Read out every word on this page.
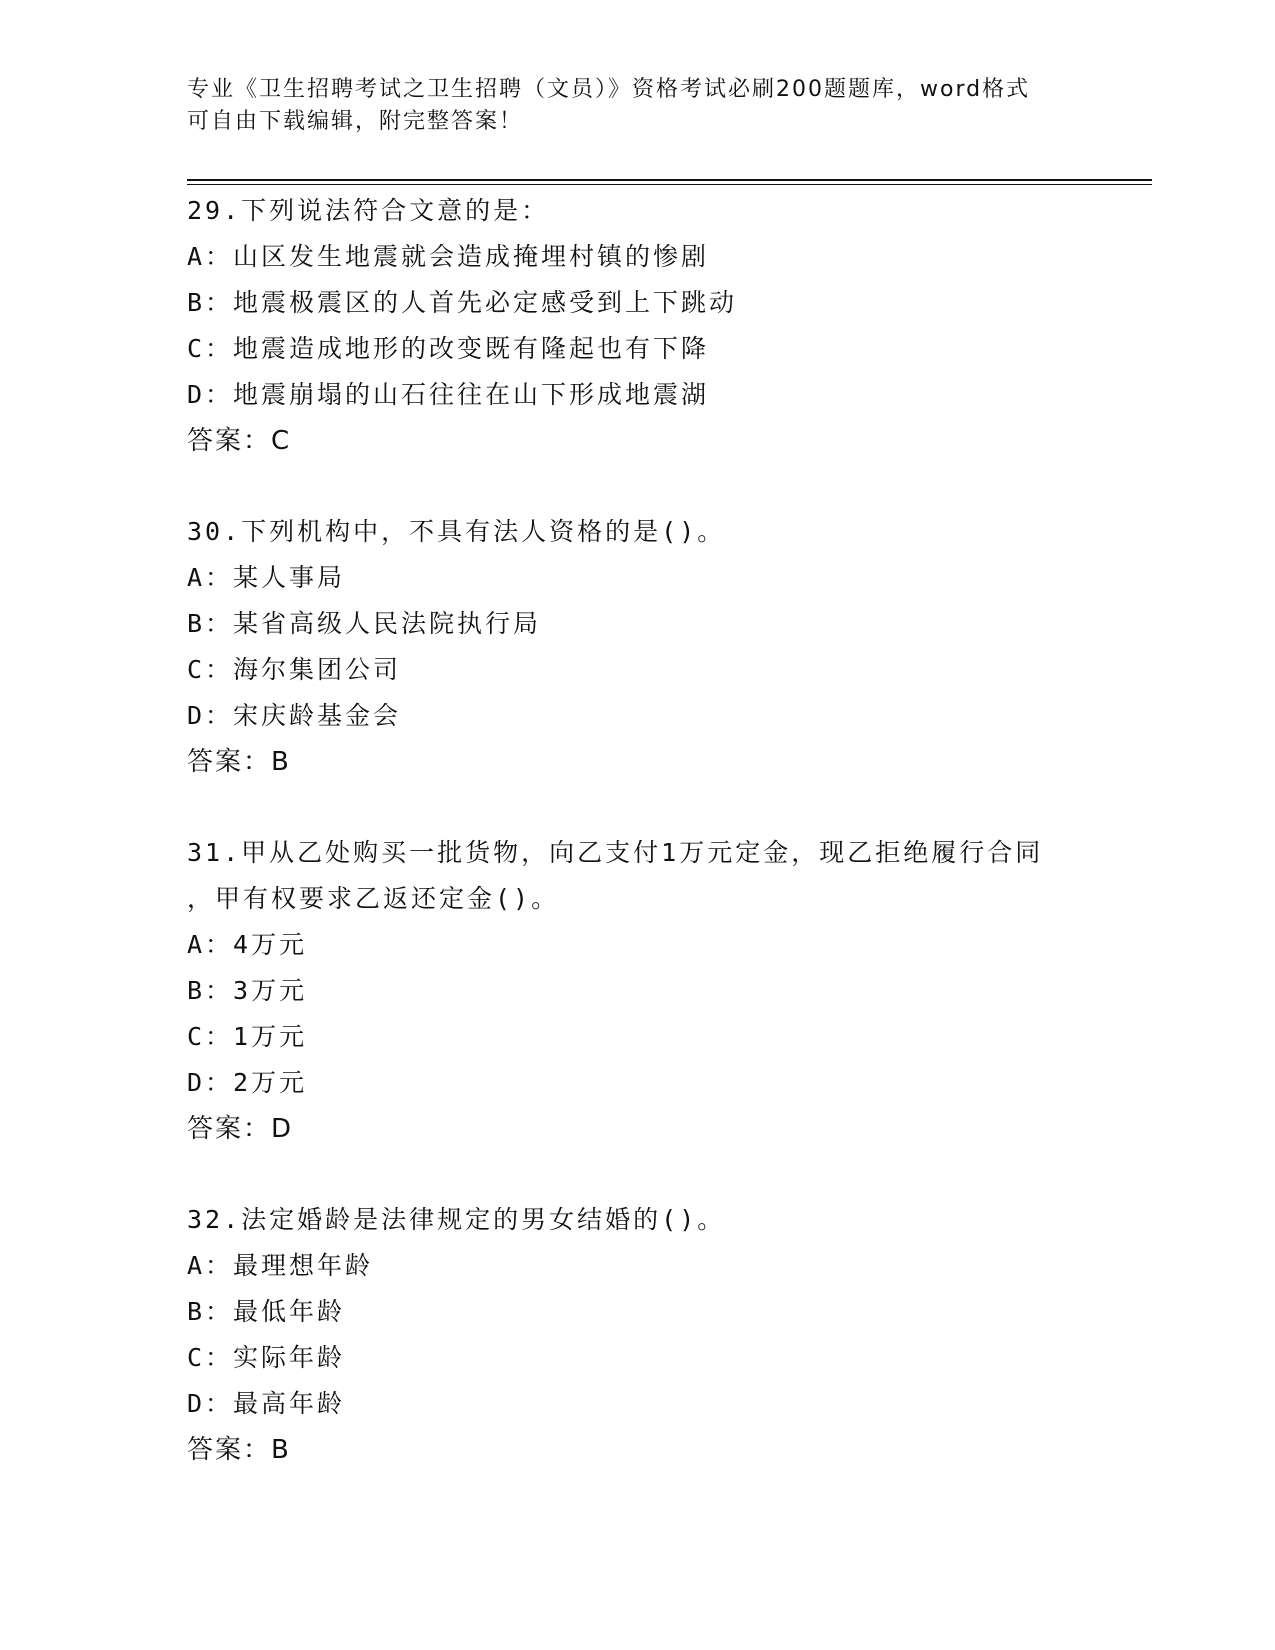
专业《卫生招聘考试之卫生招聘（文员）》资格考试必刷200题题库，word格式
可自由下载编辑，附完整答案！
29.下列说法符合文意的是：
A：山区发生地震就会造成掩埋村镇的惨剧
B：地震极震区的人首先必定感受到上下跳动
C：地震造成地形的改变既有隆起也有下降
D：地震崩塌的山石往往在山下形成地震湖
答案：C
30.下列机构中，不具有法人资格的是()。
A：某人事局
B：某省高级人民法院执行局
C：海尔集团公司
D：宋庆龄基金会
答案：B
31.甲从乙处购买一批货物，向乙支付1万元定金，现乙拒绝履行合同
，甲有权要求乙返还定金()。
A：4万元
B：3万元
C：1万元
D：2万元
答案：D
32.法定婚龄是法律规定的男女结婚的()。
A：最理想年龄
B：最低年龄
C：实际年龄
D：最高年龄
答案：B
